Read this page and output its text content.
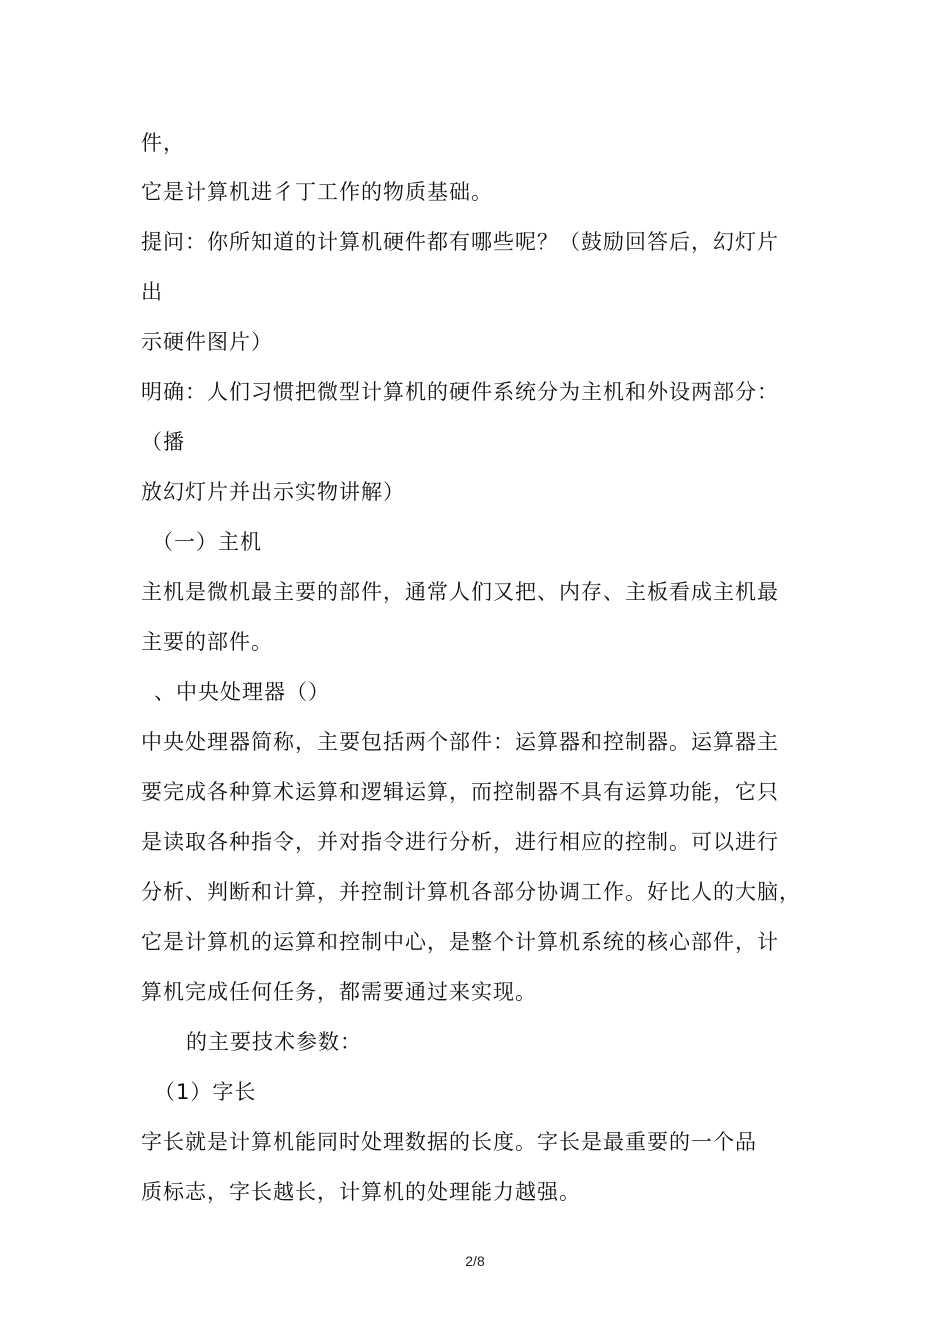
件，
它是计算机进彳丁工作的物质基础。
提问：你所知道的计算机硬件都有哪些呢？（鼓励回答后，幻灯片
出
示硬件图片）
明确：人们习惯把微型计算机的硬件系统分为主机和外设两部分：
（播
放幻灯片并出示实物讲解）
（一）主机
主机是微机最主要的部件，通常人们又把、内存、主板看成主机最
主要的部件。
、中央处理器（）
中央处理器简称，主要包括两个部件：运算器和控制器。运算器主
要完成各种算术运算和逻辑运算，而控制器不具有运算功能，它只
是读取各种指令，并对指令进行分析，进行相应的控制。可以进行
分析、判断和计算，并控制计算机各部分协调工作。好比人的大脑，
它是计算机的运算和控制中心，是整个计算机系统的核心部件，计
算机完成任何任务，都需要通过来实现。
的主要技术参数：
（1）字长
字长就是计算机能同时处理数据的长度。字长是最重要的一个品
质标志，字长越长，计算机的处理能力越强。
2/8
